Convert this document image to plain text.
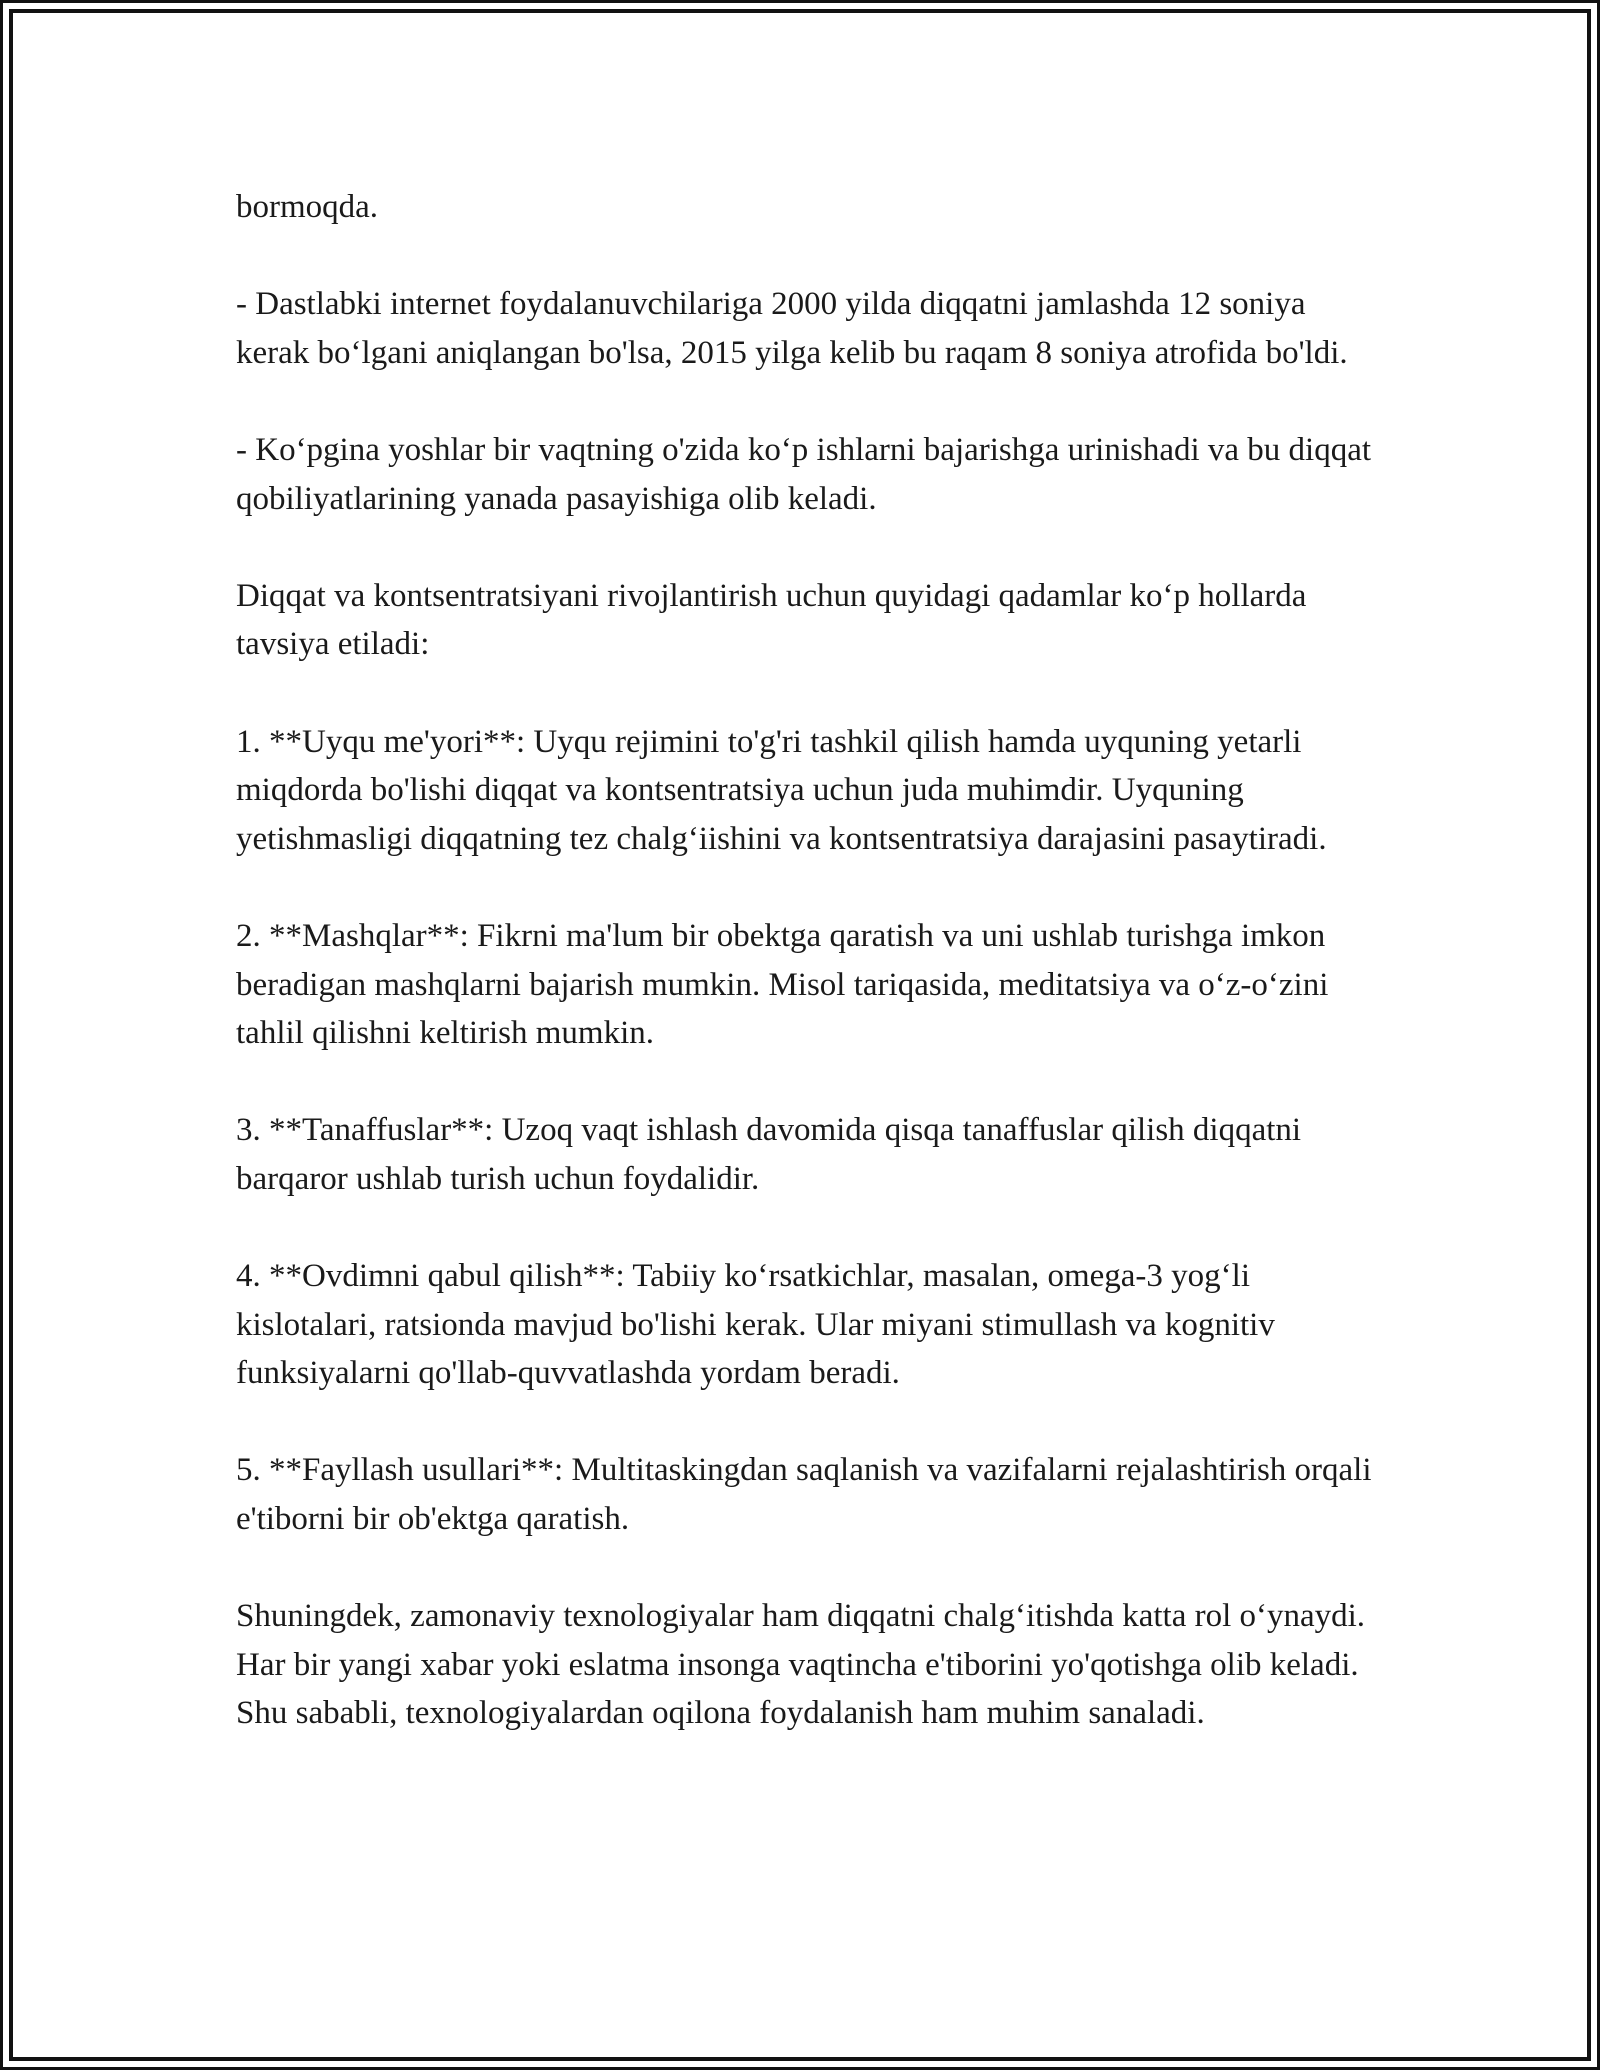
bormoqda.

- Dastlabki internet foydalanuvchilariga 2000 yilda diqqatni jamlashda 12 soniya kerak bo‘lgani aniqlangan bo'lsa, 2015 yilga kelib bu raqam 8 soniya atrofida bo'ldi.

- Ko‘pgina yoshlar bir vaqtning o'zida ko‘p ishlarni bajarishga urinishadi va bu diqqat qobiliyatlarining yanada pasayishiga olib keladi.

Diqqat va kontsentratsiyani rivojlantirish uchun quyidagi qadamlar ko‘p hollarda tavsiya etiladi:

1. **Uyqu me'yori**: Uyqu rejimini to'g'ri tashkil qilish hamda uyquning yetarli miqdorda bo'lishi diqqat va kontsentratsiya uchun juda muhimdir. Uyquning yetishmasligi diqqatning tez chalg‘iishini va kontsentratsiya darajasini pasaytiradi.

2. **Mashqlar**: Fikrni ma'lum bir obektga qaratish va uni ushlab turishga imkon beradigan mashqlarni bajarish mumkin. Misol tariqasida, meditatsiya va o‘z-o‘zini tahlil qilishni keltirish mumkin.

3. **Tanaffuslar**: Uzoq vaqt ishlash davomida qisqa tanaffuslar qilish diqqatni barqaror ushlab turish uchun foydalidir.

4. **Ovdimni qabul qilish**: Tabiiy ko‘rsatkichlar, masalan, omega-3 yog‘li kislotalari, ratsionda mavjud bo'lishi kerak. Ular miyani stimullash va kognitiv funksiyalarni qo'llab-quvvatlashda yordam beradi.

5. **Fayllash usullari**: Multitaskingdan saqlanish va vazifalarni rejalashtirish orqali e'tiborni bir ob'ektga qaratish.

Shuningdek, zamonaviy texnologiyalar ham diqqatni chalg‘itishda katta rol o‘ynaydi. Har bir yangi xabar yoki eslatma insonga vaqtincha e'tiborini yo'qotishga olib keladi. Shu sababli, texnologiyalardan oqilona foydalanish ham muhim sanaladi.
